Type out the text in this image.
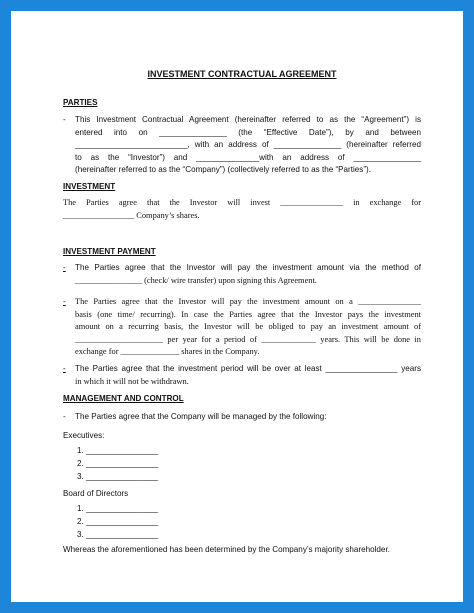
INVESTMENT CONTRACTUAL AGREEMENT
PARTIES
-	This Investment Contractual Agreement (hereinafter referred to as the “Agreement”) is
entered into on _______________ (the “Effective Date”), by and between
_________________________, with an address of _______________ (hereinafter referred
to as the “Investor”) and ______________with an address of _______________
(hereinafter referred to as the “Company”) (collectively referred to as the “Parties”).
INVESTMENT
The Parties agree that the Investor will invest _______________ in exchange for
_________________ Company’s shares.
INVESTMENT PAYMENT
-	The Parties agree that the Investor will pay the investment amount via the method of
________________ (check/ wire transfer) upon signing this Agreement.
-	The Parties agree that the Investor will pay the investment amount on a _______________
basis (one time/ recurring). In case the Parties agree that the Investor pays the investment
amount on a recurring basis, the Investor will be obliged to pay an investment amount of
_____________________ per year for a period of _____________ years. This will be done in
exchange for ______________ shares in the Company.
-	The Parties agree that the investment period will be over at least ________________ years
in which it will not be withdrawn.
MANAGEMENT AND CONTROL
-	The Parties agree that the Company will be managed by the following:
Executives:
1. ________________
2. ________________
3. ________________
Board of Directors
1. ________________
2. ________________
3. ________________
Whereas the aforementioned has been determined by the Company’s majority shareholder.
